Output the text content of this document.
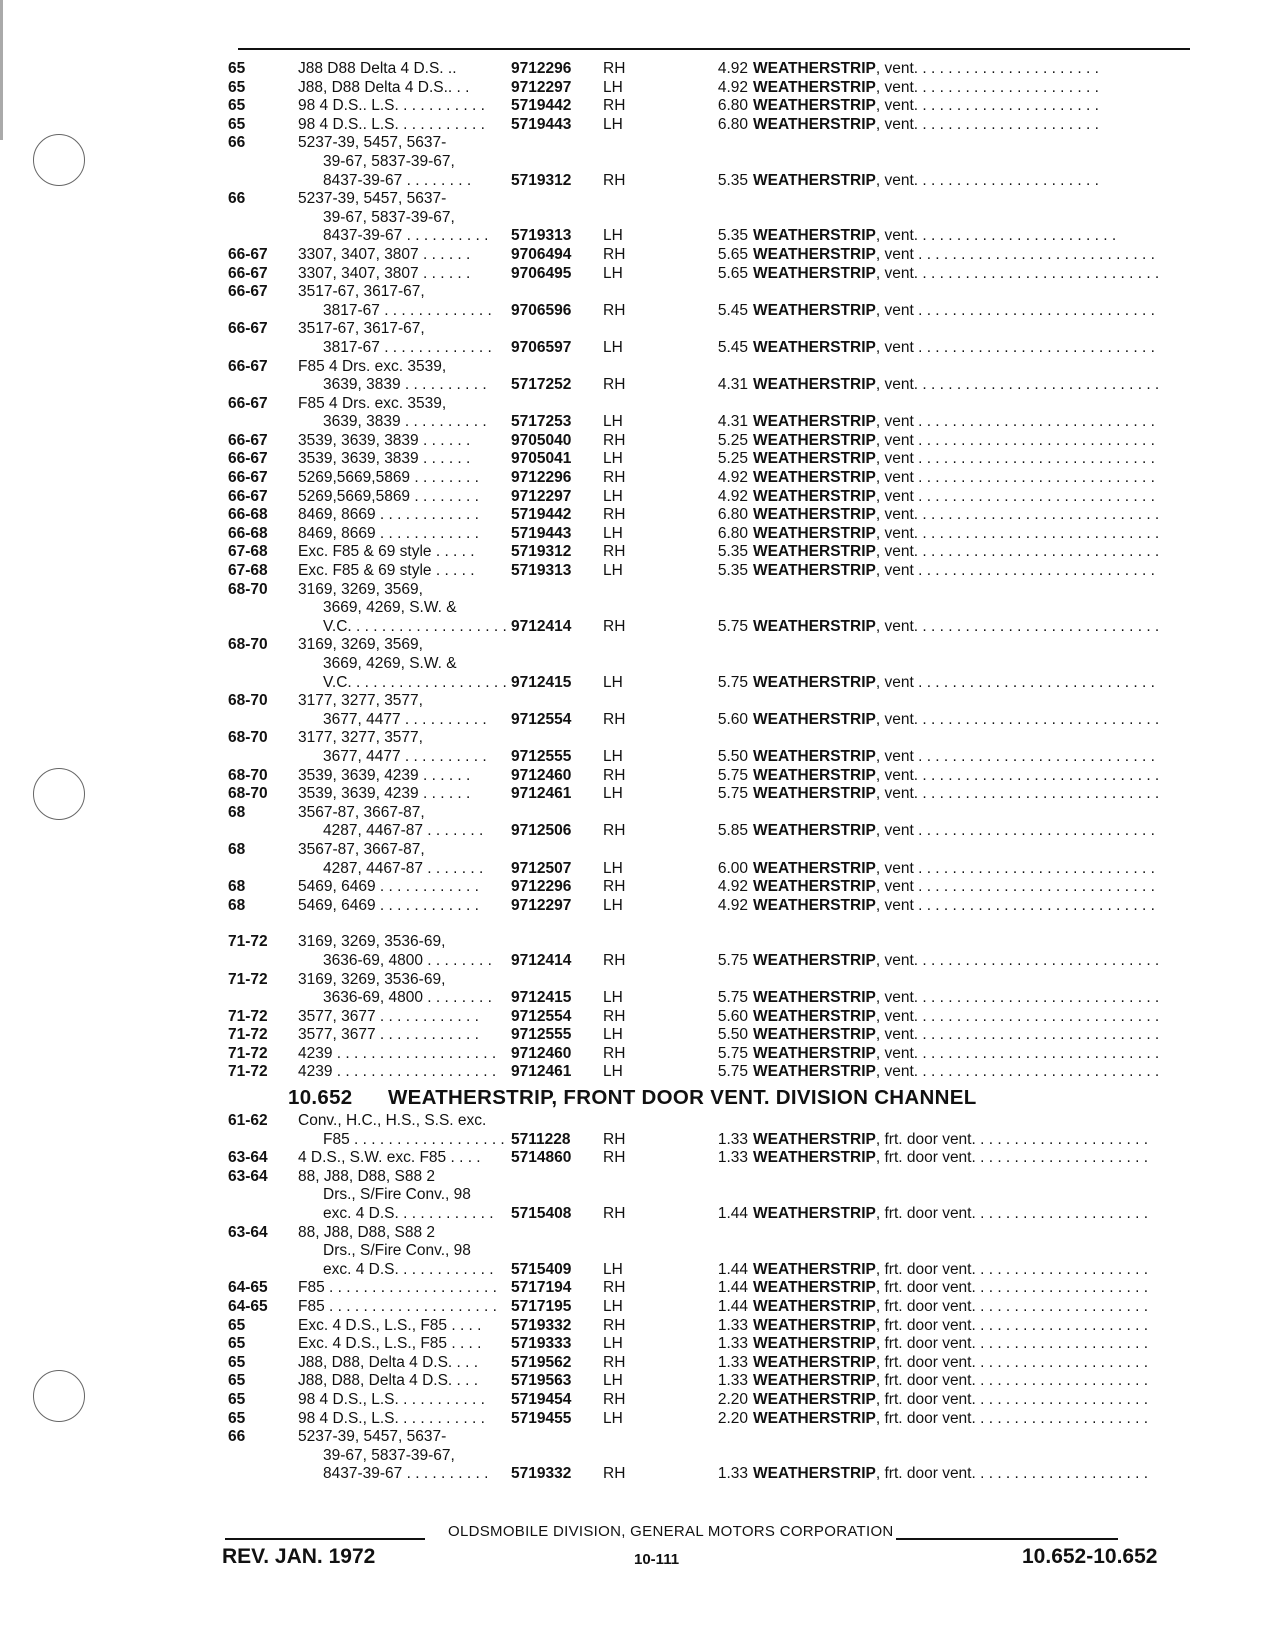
65	J88 D88 Delta 4 D.S. ..	9712296 RH	4.92 WEATHERSTRIP, vent. . . . . . . . . . . . . . . . . . . . . .
65	J88, D88 Delta 4 D.S.. . .	9712297 LH	4.92 WEATHERSTRIP, vent. . . . . . . . . . . . . . . . . . . . . .
65	98 4 D.S.. L.S. . . . . . . . . . . 5719442 RH	6.80 WEATHERSTRIP, vent. . . . . . . . . . . . . . . . . . . . . .
65	98 4 D.S.. L.S. . . . . . . . . . . 5719443 LH	6.80 WEATHERSTRIP, vent. . . . . . . . . . . . . . . . . . . . . .
66	5237-39, 5457, 5637-
39-67, 5837-39-67,
8437-39-67 . . . . . . . .	5719312 RH	5.35 WEATHERSTRIP, vent. . . . . . . . . . . . . . . . . . . . . .
66	5237-39, 5457, 5637-
39-67, 5837-39-67,
8437-39-67 . . . . . . . . . . 5719313 LH	5.35 WEATHERSTRIP, vent. . . . . . . . . . . . . . . . . . . . . . . .
66-67 3307, 3407, 3807 . . . . . .	9706494 RH	5.65 WEATHERSTRIP, vent . . . . . . . . . . . . . . . . . . . . . . . . . . . .
66-67 3307, 3407, 3807 . . . . . .	9706495 LH	5.65 WEATHERSTRIP, vent. . . . . . . . . . . . . . . . . . . . . . . . . . . . .
66-67 3517-67, 3617-67,
3817-67 . . . . . . . . . . . . . 9706596 RH	5.45 WEATHERSTRIP, vent . . . . . . . . . . . . . . . . . . . . . . . . . . . .
66-67 3517-67, 3617-67,
3817-67 . . . . . . . . . . . . . 9706597 LH	5.45 WEATHERSTRIP, vent . . . . . . . . . . . . . . . . . . . . . . . . . . . .
66-67 F85 4 Drs. exc. 3539,
3639, 3839 . . . . . . . . . . 5717252 RH	4.31 WEATHERSTRIP, vent. . . . . . . . . . . . . . . . . . . . . . . . . . . . .
66-67 F85 4 Drs. exc. 3539,
3639, 3839 . . . . . . . . . . 5717253 LH	4.31 WEATHERSTRIP, vent . . . . . . . . . . . . . . . . . . . . . . . . . . . .
66-67 3539, 3639, 3839 . . . . . .	9705040 RH	5.25 WEATHERSTRIP, vent . . . . . . . . . . . . . . . . . . . . . . . . . . . .
66-67 3539, 3639, 3839 . . . . . .	9705041 LH	5.25 WEATHERSTRIP, vent . . . . . . . . . . . . . . . . . . . . . . . . . . . .
66-67 5269,5669,5869 . . . . . . . . 9712296 RH	4.92 WEATHERSTRIP, vent . . . . . . . . . . . . . . . . . . . . . . . . . . . .
66-67 5269,5669,5869 . . . . . . . . 9712297 LH	4.92 WEATHERSTRIP, vent . . . . . . . . . . . . . . . . . . . . . . . . . . . .
66-68 8469, 8669 . . . . . . . . . . . . 5719442 RH	6.80 WEATHERSTRIP, vent. . . . . . . . . . . . . . . . . . . . . . . . . . . . .
66-68 8469, 8669 . . . . . . . . . . . . 5719443 LH	6.80 WEATHERSTRIP, vent. . . . . . . . . . . . . . . . . . . . . . . . . . . . .
67-68 Exc. F85 & 69 style . . . . . 5719312 RH	5.35 WEATHERSTRIP, vent. . . . . . . . . . . . . . . . . . . . . . . . . . . . .
67-68 Exc. F85 & 69 style . . . . . 5719313 LH	5.35 WEATHERSTRIP, vent . . . . . . . . . . . . . . . . . . . . . . . . . . . .
68-70 3169, 3269, 3569,
3669, 4269, S.W. &
V.C. . . . . . . . . . . . . . . . . . . 9712414 RH	5.75 WEATHERSTRIP, vent. . . . . . . . . . . . . . . . . . . . . . . . . . . . .
68-70 3169, 3269, 3569,
3669, 4269, S.W. &
V.C. . . . . . . . . . . . . . . . . . . 9712415 LH	5.75 WEATHERSTRIP, vent . . . . . . . . . . . . . . . . . . . . . . . . . . . .
68-70 3177, 3277, 3577,
3677, 4477 . . . . . . . . . . 9712554 RH	5.60 WEATHERSTRIP, vent. . . . . . . . . . . . . . . . . . . . . . . . . . . . .
68-70 3177, 3277, 3577,
3677, 4477 . . . . . . . . . . 9712555 LH	5.50 WEATHERSTRIP, vent . . . . . . . . . . . . . . . . . . . . . . . . . . . .
68-70 3539, 3639, 4239 . . . . . .	9712460 RH	5.75 WEATHERSTRIP, vent. . . . . . . . . . . . . . . . . . . . . . . . . . . . .
68-70 3539, 3639, 4239 . . . . . .	9712461 LH	5.75 WEATHERSTRIP, vent. . . . . . . . . . . . . . . . . . . . . . . . . . . . .
68	3567-87, 3667-87,
4287, 4467-87 . . . . . . . 9712506 RH	5.85 WEATHERSTRIP, vent . . . . . . . . . . . . . . . . . . . . . . . . . . . .
68	3567-87, 3667-87,
4287, 4467-87 . . . . . . . 9712507 LH	6.00 WEATHERSTRIP, vent . . . . . . . . . . . . . . . . . . . . . . . . . . . .
68	5469, 6469 . . . . . . . . . . . . 9712296 RH	4.92 WEATHERSTRIP, vent . . . . . . . . . . . . . . . . . . . . . . . . . . . .
68	5469, 6469 . . . . . . . . . . . . 9712297 LH	4.92 WEATHERSTRIP, vent . . . . . . . . . . . . . . . . . . . . . . . . . . . .
71-72 3169, 3269, 3536-69,
3636-69, 4800 . . . . . . . . 9712414 RH	5.75 WEATHERSTRIP, vent. . . . . . . . . . . . . . . . . . . . . . . . . . . . .
71-72 3169, 3269, 3536-69,
3636-69, 4800 . . . . . . . . 9712415 LH	5.75 WEATHERSTRIP, vent. . . . . . . . . . . . . . . . . . . . . . . . . . . . .
71-72 3577, 3677 . . . . . . . . . . . . 9712554 RH	5.60 WEATHERSTRIP, vent. . . . . . . . . . . . . . . . . . . . . . . . . . . . .
71-72 3577, 3677 . . . . . . . . . . . . 9712555 LH	5.50 WEATHERSTRIP, vent. . . . . . . . . . . . . . . . . . . . . . . . . . . . .
71-72 4239 . . . . . . . . . . . . . . . . . . . 9712460 RH	5.75 WEATHERSTRIP, vent. . . . . . . . . . . . . . . . . . . . . . . . . . . . .
71-72 4239 . . . . . . . . . . . . . . . . . . . 9712461 LH	5.75 WEATHERSTRIP, vent. . . . . . . . . . . . . . . . . . . . . . . . . . . . .
10.652 WEATHERSTRIP, FRONT DOOR VENT. DIVISION CHANNEL
61-62 Conv., H.C., H.S., S.S. exc.
F85 . . . . . . . . . . . . . . . . . . 5711228 RH	1.33 WEATHERSTRIP, frt. door vent. . . . . . . . . . . . . . . . . . . . .
63-64 4 D.S., S.W. exc. F85 . . . . 5714860 RH	1.33 WEATHERSTRIP, frt. door vent. . . . . . . . . . . . . . . . . . . . .
63-64 88, J88, D88, S88 2
Drs., S/Fire Conv., 98
exc. 4 D.S. . . . . . . . . . . . 5715408 RH	1.44 WEATHERSTRIP, frt. door vent. . . . . . . . . . . . . . . . . . . . .
63-64 88, J88, D88, S88 2
Drs., S/Fire Conv., 98
exc. 4 D.S. . . . . . . . . . . . 5715409 LH	1.44 WEATHERSTRIP, frt. door vent. . . . . . . . . . . . . . . . . . . . .
64-65 F85 . . . . . . . . . . . . . . . . . . . . 5717194 RH	1.44 WEATHERSTRIP, frt. door vent. . . . . . . . . . . . . . . . . . . . .
64-65 F85 . . . . . . . . . . . . . . . . . . . . 5717195 LH	1.44 WEATHERSTRIP, frt. door vent. . . . . . . . . . . . . . . . . . . . .
65	Exc. 4 D.S., L.S., F85 . . . . 5719332 RH	1.33 WEATHERSTRIP, frt. door vent. . . . . . . . . . . . . . . . . . . . .
65	Exc. 4 D.S., L.S., F85 . . . . 5719333 LH	1.33 WEATHERSTRIP, frt. door vent. . . . . . . . . . . . . . . . . . . . .
65	J88, D88, Delta 4 D.S. . . . 5719562 RH	1.33 WEATHERSTRIP, frt. door vent. . . . . . . . . . . . . . . . . . . . .
65	J88, D88, Delta 4 D.S. . . . 5719563 LH	1.33 WEATHERSTRIP, frt. door vent. . . . . . . . . . . . . . . . . . . . .
65	98 4 D.S., L.S. . . . . . . . . . . 5719454 RH	2.20 WEATHERSTRIP, frt. door vent. . . . . . . . . . . . . . . . . . . . .
65	98 4 D.S., L.S. . . . . . . . . . . 5719455 LH	2.20 WEATHERSTRIP, frt. door vent. . . . . . . . . . . . . . . . . . . . .
66	5237-39, 5457, 5637-
39-67, 5837-39-67,
8437-39-67 . . . . . . . . . . 5719332 RH	1.33 WEATHERSTRIP, frt. door vent. . . . . . . . . . . . . . . . . . . . .
OLDSMOBILE DIVISION, GENERAL MOTORS CORPORATION
REV. JAN. 1972	10-111	10.652-10.652
